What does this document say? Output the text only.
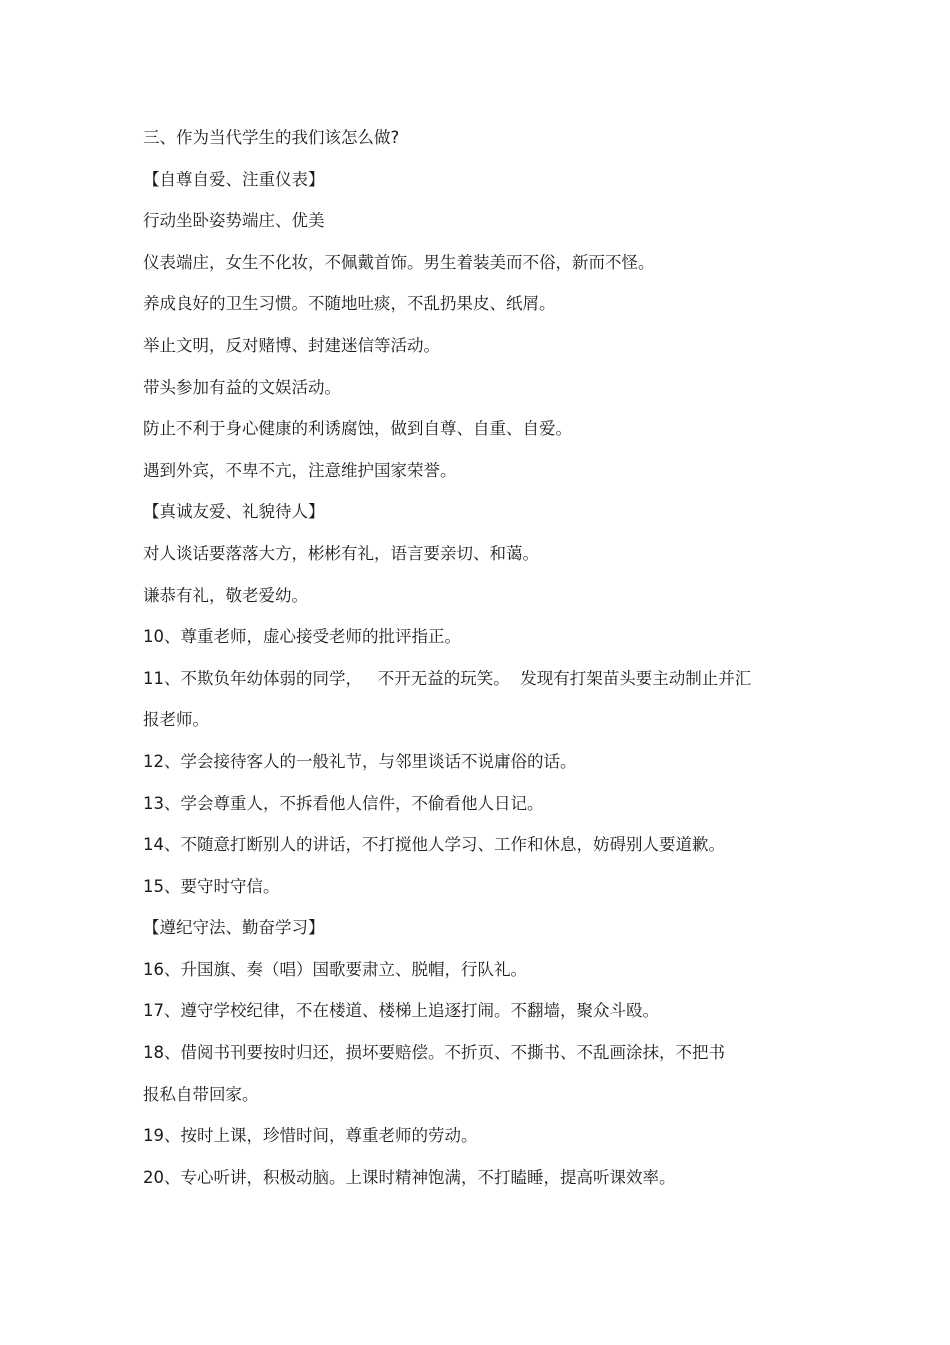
三、作为当代学生的我们该怎么做?
【自尊自爱、注重仪表】
行动坐卧姿势端庄、优美
仪表端庄，女生不化妆，不佩戴首饰。男生着装美而不俗，新而不怪。
养成良好的卫生习惯。不随地吐痰，不乱扔果皮、纸屑。
举止文明，反对赌博、封建迷信等活动。
带头参加有益的文娱活动。
防止不利于身心健康的利诱腐蚀，做到自尊、自重、自爱。
遇到外宾，不卑不亢，注意维护国家荣誉。
【真诚友爱、礼貌待人】
对人谈话要落落大方，彬彬有礼，语言要亲切、和蔼。
谦恭有礼，敬老爱幼。
10、尊重老师，虚心接受老师的批评指正。
11、不欺负年幼体弱的同学，   不开无益的玩笑。  发现有打架苗头要主动制止并汇
报老师。
12、学会接待客人的一般礼节，与邻里谈话不说庸俗的话。
13、学会尊重人，不拆看他人信件，不偷看他人日记。
14、不随意打断别人的讲话，不打搅他人学习、工作和休息，妨碍别人要道歉。
15、要守时守信。
【遵纪守法、勤奋学习】
16、升国旗、奏（唱）国歌要肃立、脱帽，行队礼。
17、遵守学校纪律，不在楼道、楼梯上追逐打闹。不翻墙，聚众斗殴。
18、借阅书刊要按时归还，损坏要赔偿。不折页、不撕书、不乱画涂抹，不把书
报私自带回家。
19、按时上课，珍惜时间，尊重老师的劳动。
20、专心听讲，积极动脑。上课时精神饱满，不打瞌睡，提高听课效率。
